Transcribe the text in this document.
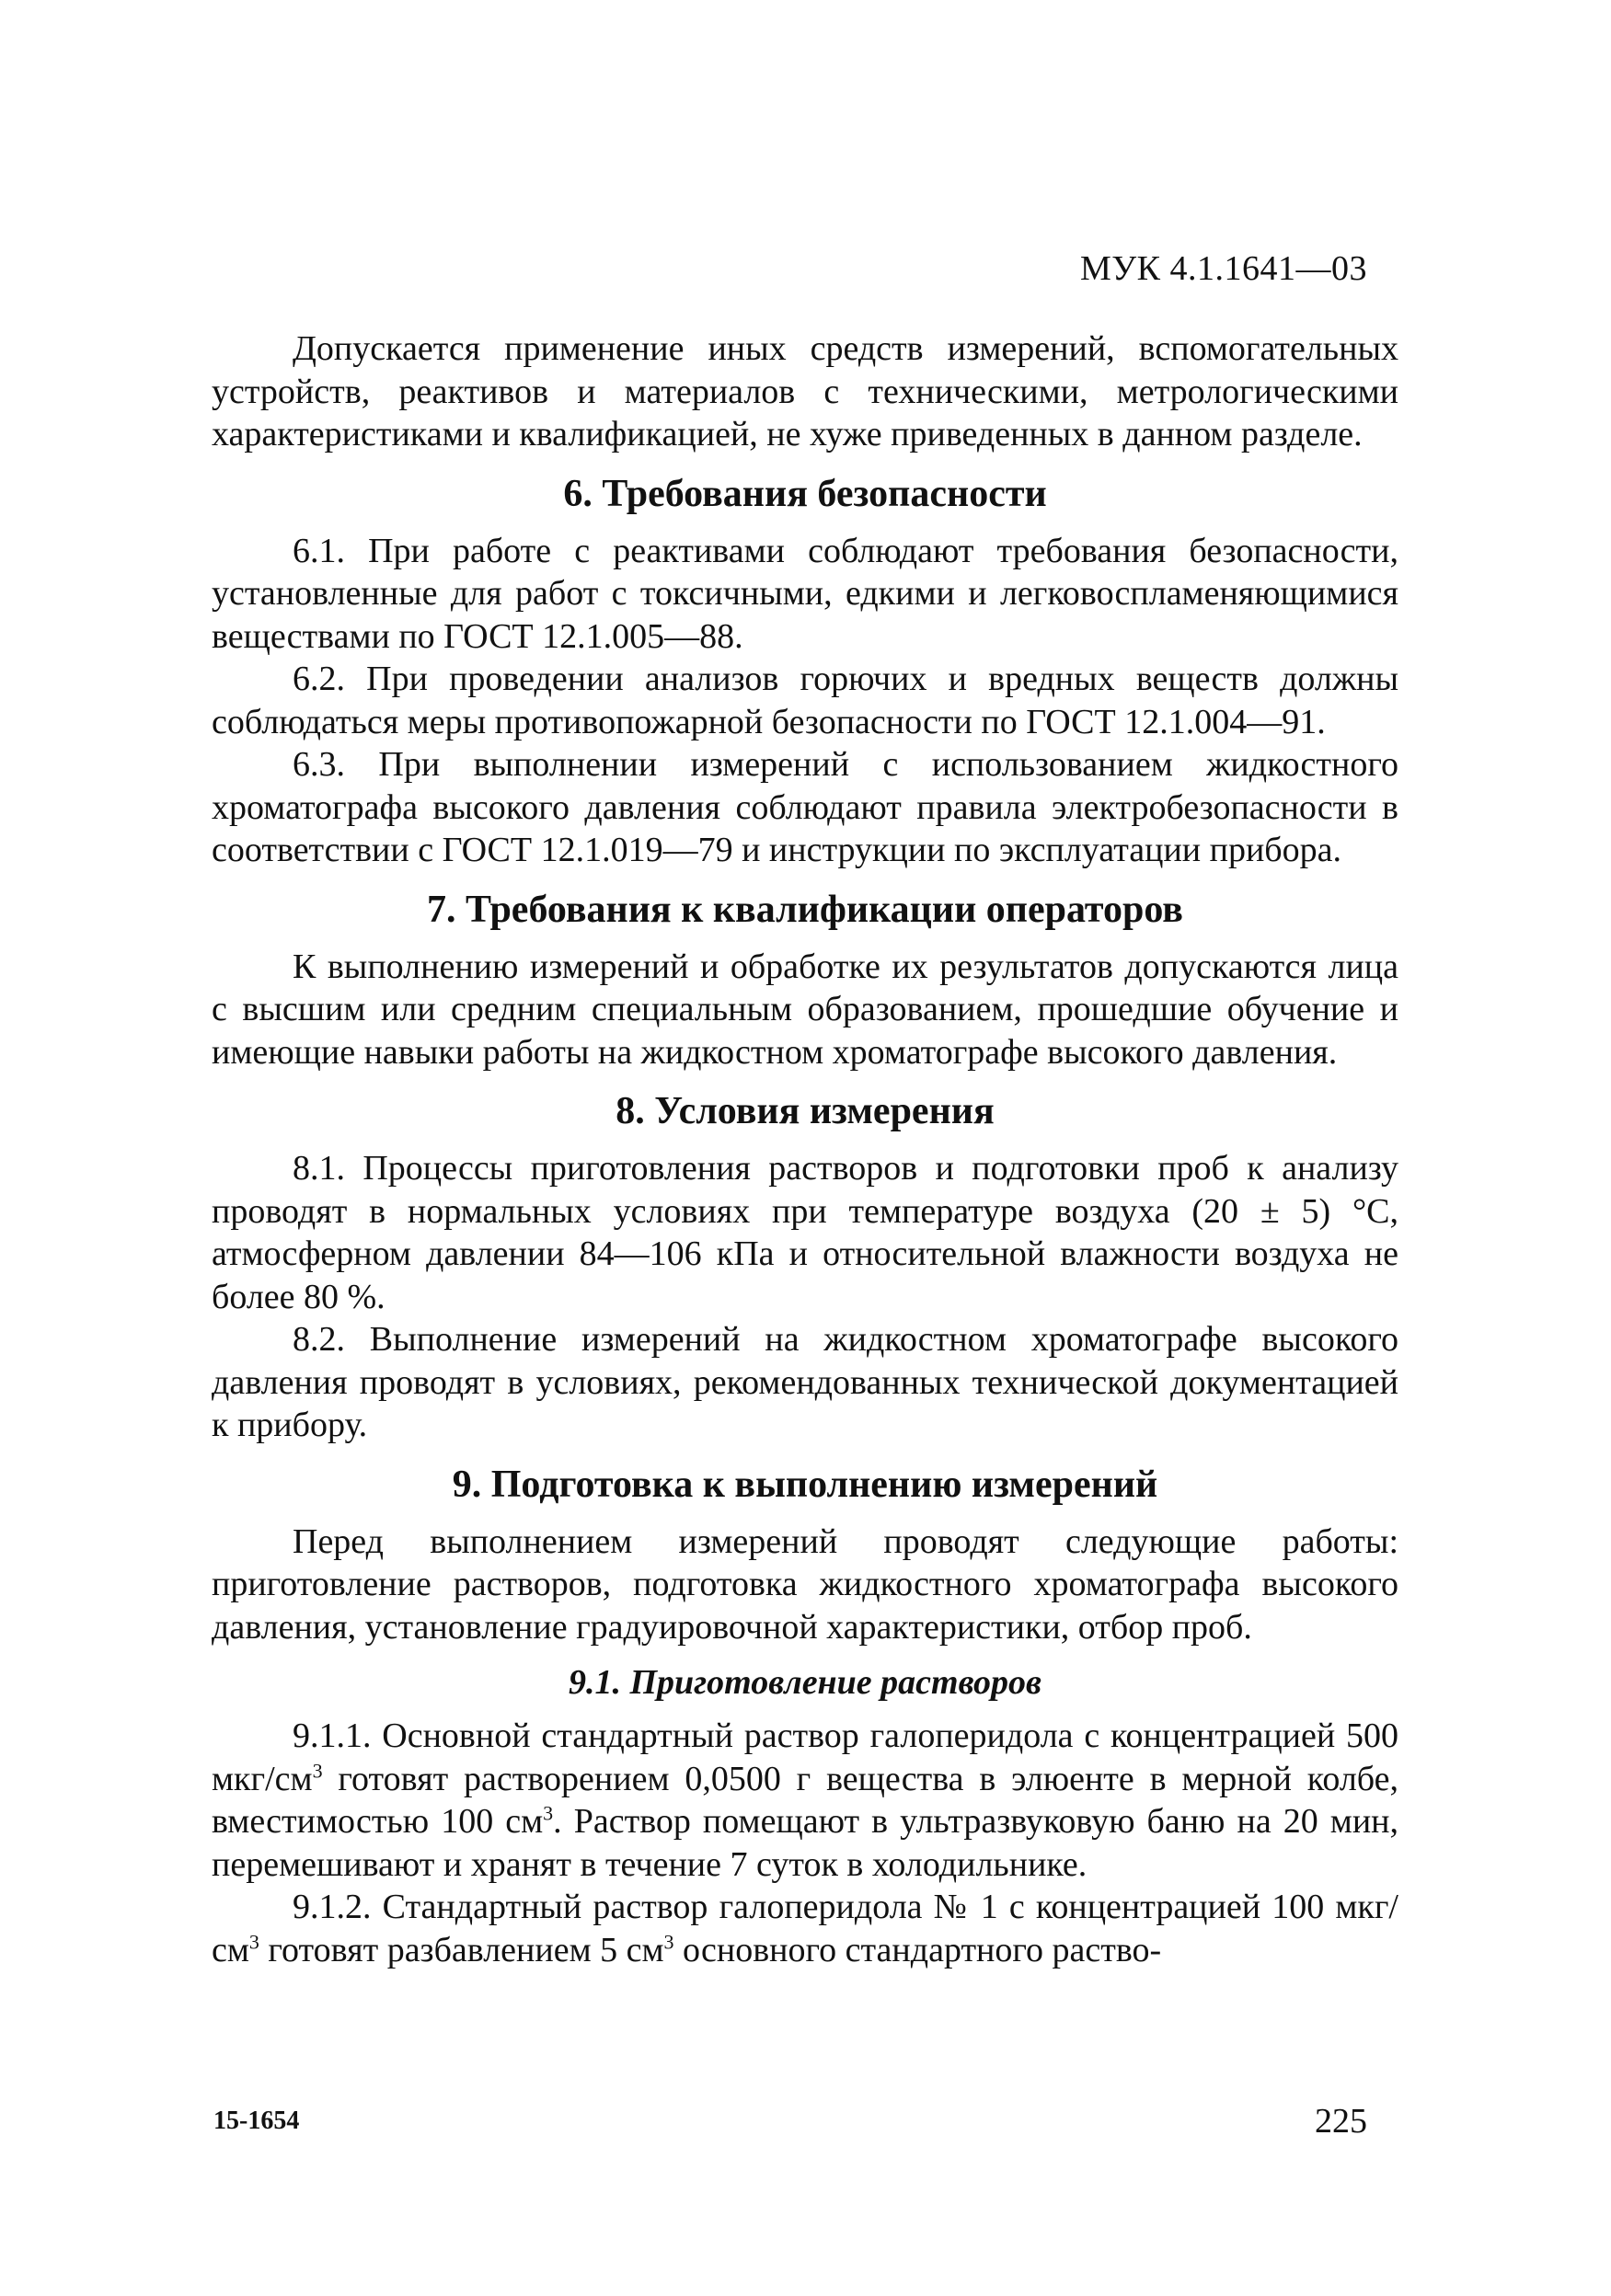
МУК 4.1.1641—03

Допускается применение иных средств измерений, вспомогательных устройств, реактивов и материалов с техническими, метрологическими характеристиками и квалификацией, не хуже приведенных в данном разделе.

6. Требования безопасности

6.1. При работе с реактивами соблюдают требования безопасности, установленные для работ с токсичными, едкими и легковоспламеняющимися веществами по ГОСТ 12.1.005—88.

6.2. При проведении анализов горючих и вредных веществ должны соблюдаться меры противопожарной безопасности по ГОСТ 12.1.004—91.

6.3. При выполнении измерений с использованием жидкостного хроматографа высокого давления соблюдают правила электробезопасности в соответствии с ГОСТ 12.1.019—79 и инструкции по эксплуатации прибора.

7. Требования к квалификации операторов

К выполнению измерений и обработке их результатов допускаются лица с высшим или средним специальным образованием, прошедшие обучение и имеющие навыки работы на жидкостном хроматографе высокого давления.

8. Условия измерения

8.1. Процессы приготовления растворов и подготовки проб к анализу проводят в нормальных условиях при температуре воздуха (20 ± 5) °С, атмосферном давлении 84—106 кПа и относительной влажности воздуха не более 80 %.

8.2. Выполнение измерений на жидкостном хроматографе высокого давления проводят в условиях, рекомендованных технической документацией к прибору.

9. Подготовка к выполнению измерений

Перед выполнением измерений проводят следующие работы: приготовление растворов, подготовка жидкостного хроматографа высокого давления, установление градуировочной характеристики, отбор проб.

9.1. Приготовление растворов

9.1.1. Основной стандартный раствор галоперидола с концентрацией 500 мкг/$см^3$ готовят растворением 0,0500 г вещества в элюенте в мерной колбе, вместимостью 100 $см^3$. Раствор помещают в ультразвуковую баню на 20 мин, перемешивают и хранят в течение 7 суток в холодильнике.

9.1.2. Стандартный раствор галоперидола № 1 с концентрацией 100 мкг/$см^3$ готовят разбавлением 5 $см^3$ основного стандартного раство-

15-1654	225
